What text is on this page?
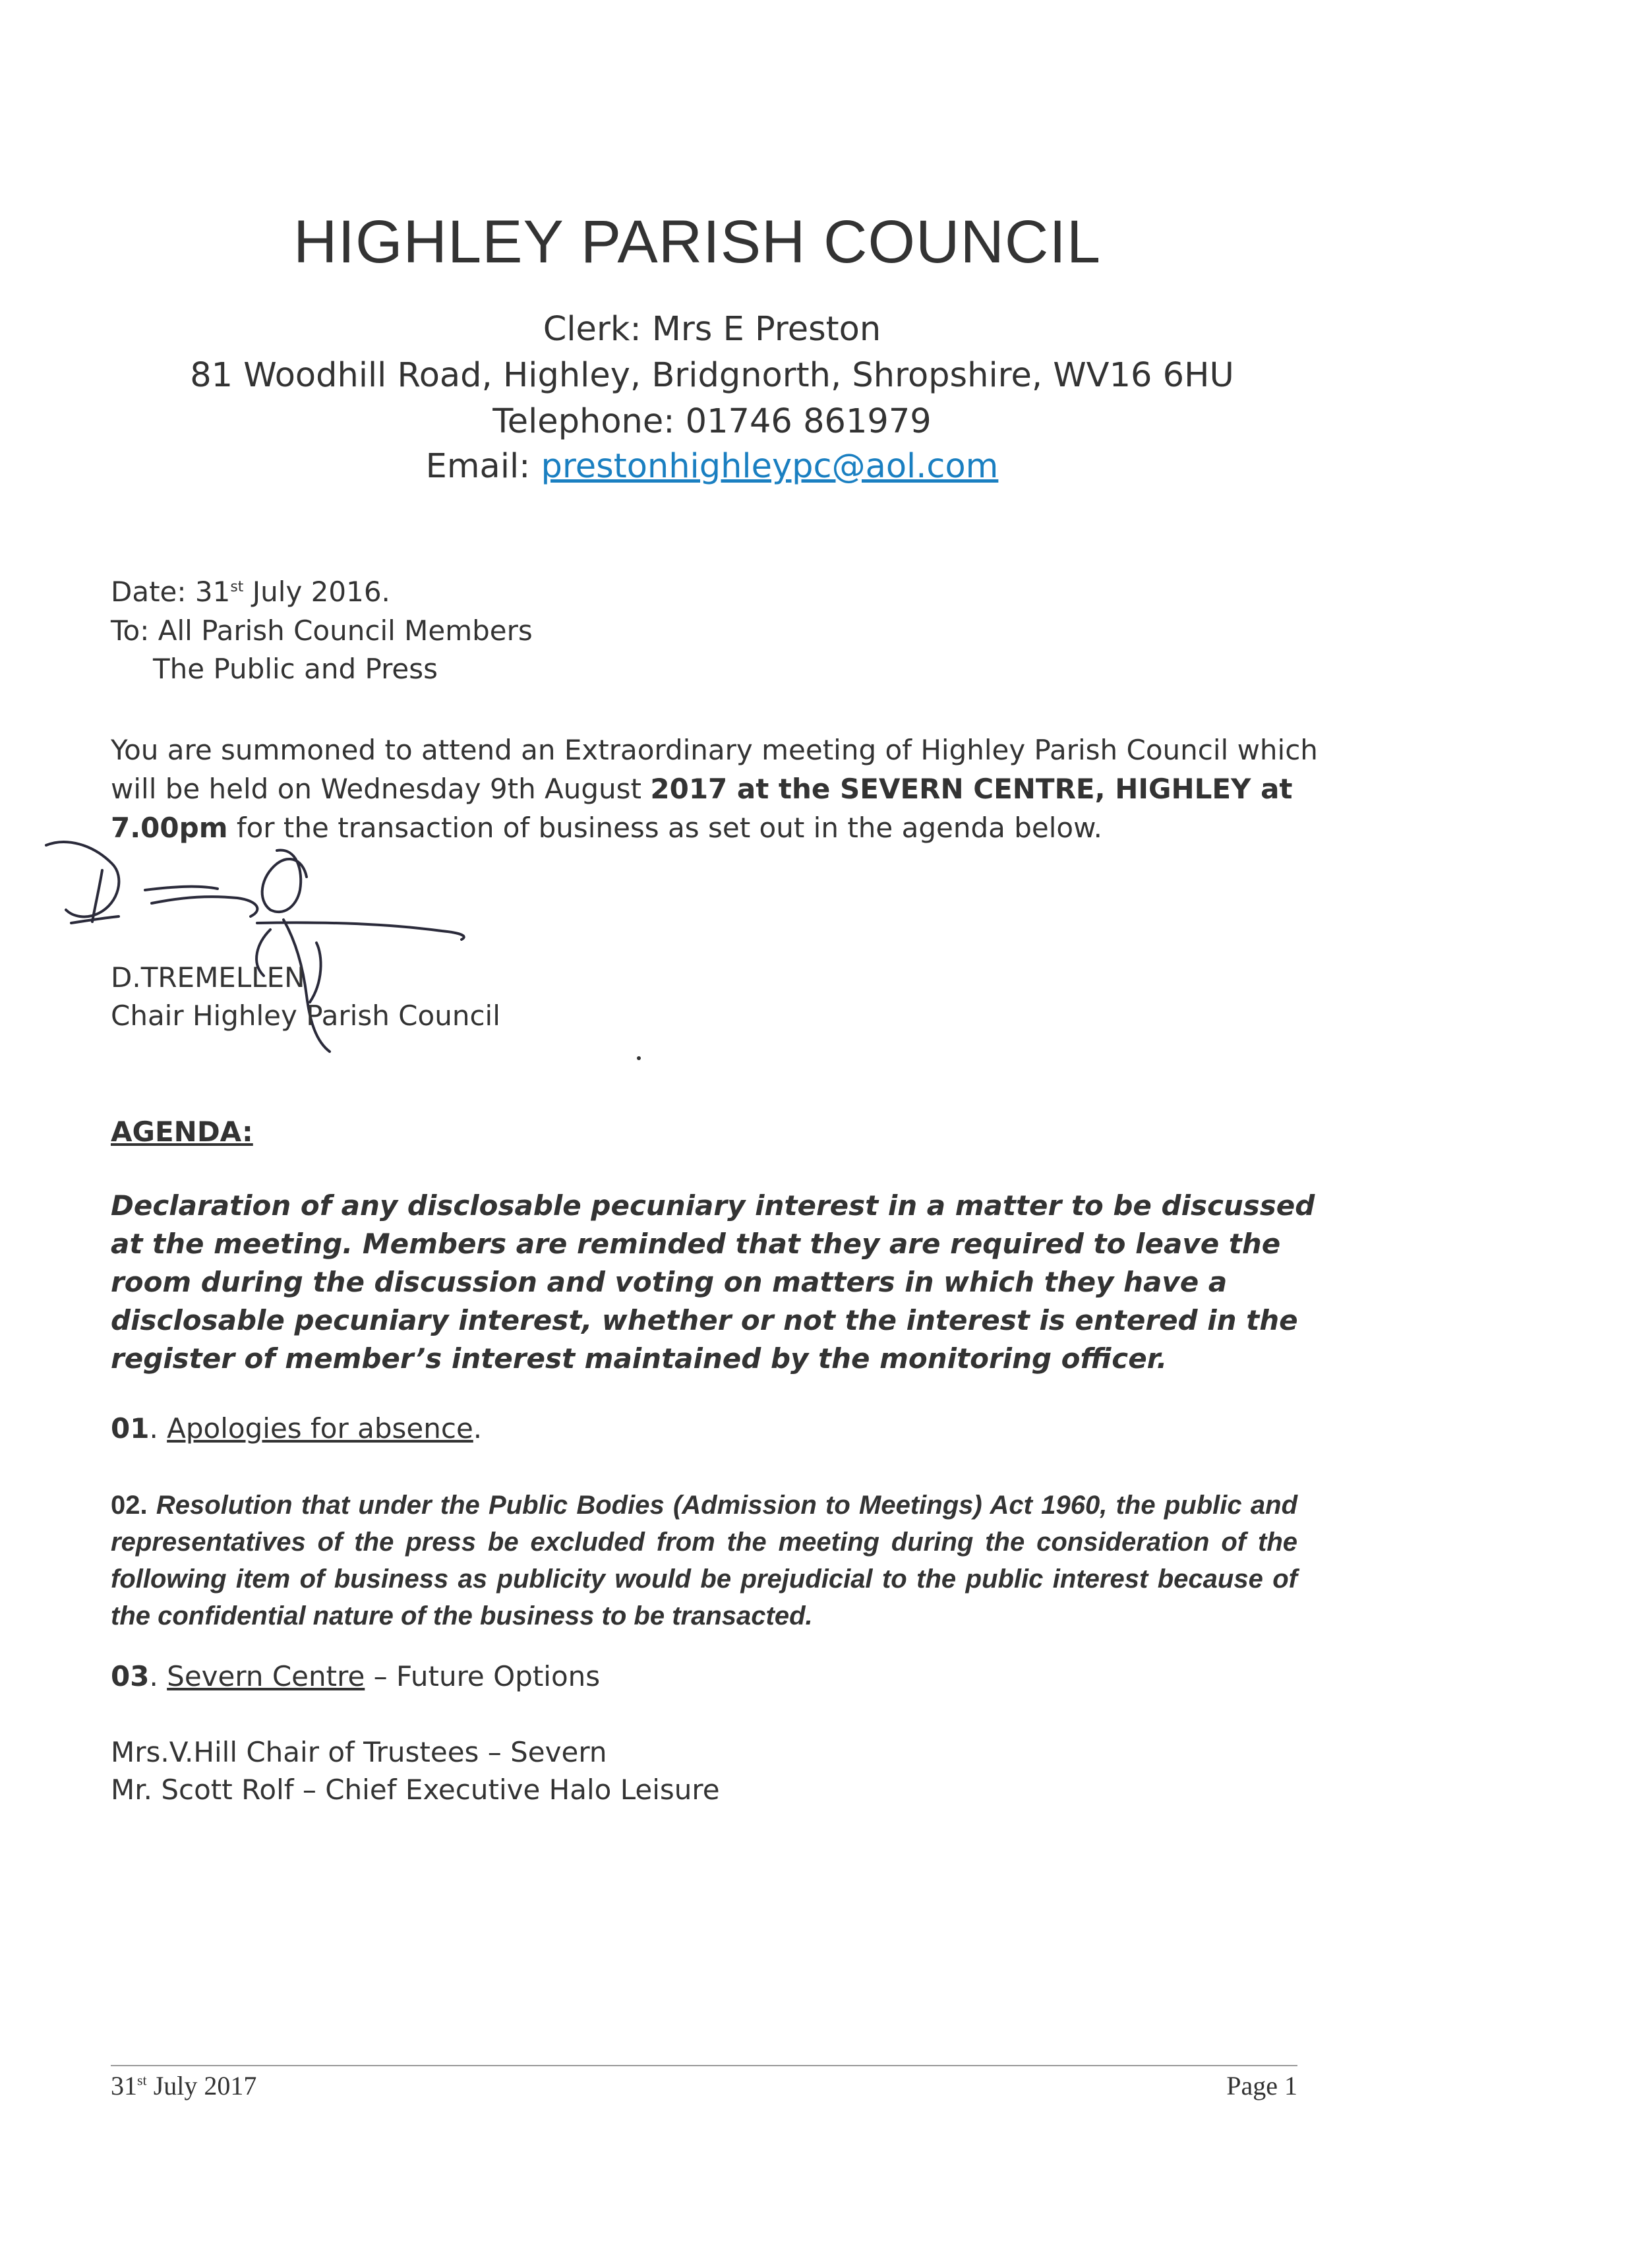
HIGHLEY PARISH COUNCIL
Clerk: Mrs E Preston
81 Woodhill Road, Highley, Bridgnorth, Shropshire, WV16 6HU
Telephone: 01746 861979
Email: prestonhighleypc@aol.com
Date: 31st July 2016.
To: All Parish Council Members
The Public and Press
You are summoned to attend an Extraordinary meeting of Highley Parish Council which will be held on Wednesday 9th August 2017 at the SEVERN CENTRE, HIGHLEY at 7.00pm for the transaction of business as set out in the agenda below.
D.TREMELLEN
Chair Highley Parish Council
AGENDA:
Declaration of any disclosable pecuniary interest in a matter to be discussed at the meeting. Members are reminded that they are required to leave the room during the discussion and voting on matters in which they have a disclosable pecuniary interest, whether or not the interest is entered in the register of member’s interest maintained by the monitoring officer.
01. Apologies for absence.
02. Resolution that under the Public Bodies (Admission to Meetings) Act 1960, the public and representatives of the press be excluded from the meeting during the consideration of the following item of business as publicity would be prejudicial to the public interest because of the confidential nature of the business to be transacted.
03. Severn Centre – Future Options
Mrs.V.Hill Chair of Trustees – Severn
Mr. Scott Rolf – Chief Executive Halo Leisure
31st July 2017	Page 1
